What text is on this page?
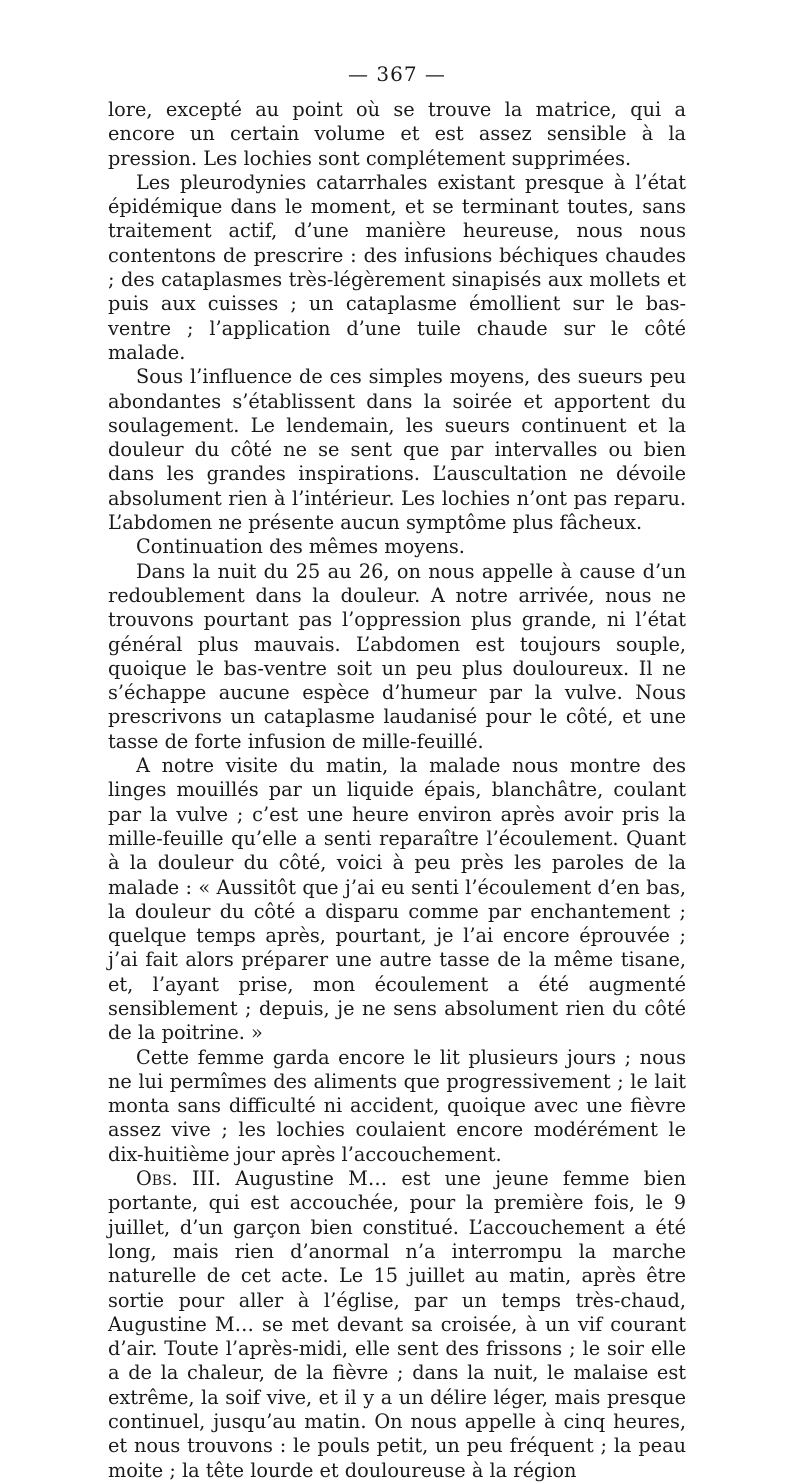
— 367 —

lore, excepté au point où se trouve la matrice, qui a encore un certain volume et est assez sensible à la pression. Les lochies sont complétement supprimées.

Les pleurodynies catarrhales existant presque à l’état épidémique dans le moment, et se terminant toutes, sans traitement actif, d’une manière heureuse, nous nous contentons de prescrire : des infusions béchiques chaudes ; des cataplasmes très-légèrement sinapisés aux mollets et puis aux cuisses ; un cataplasme émollient sur le bas-ventre ; l’application d’une tuile chaude sur le côté malade.

Sous l’influence de ces simples moyens, des sueurs peu abondantes s’établissent dans la soirée et apportent du soulagement. Le lendemain, les sueurs continuent et la douleur du côté ne se sent que par intervalles ou bien dans les grandes inspirations. L’auscultation ne dévoile absolument rien à l’intérieur. Les lochies n’ont pas reparu. L’abdomen ne présente aucun symptôme plus fâcheux.

Continuation des mêmes moyens.

Dans la nuit du 25 au 26, on nous appelle à cause d’un redoublement dans la douleur. A notre arrivée, nous ne trouvons pourtant pas l’oppression plus grande, ni l’état général plus mauvais. L’abdomen est toujours souple, quoique le bas-ventre soit un peu plus douloureux. Il ne s’échappe aucune espèce d’humeur par la vulve. Nous prescrivons un cataplasme laudanisé pour le côté, et une tasse de forte infusion de mille-feuillé.

A notre visite du matin, la malade nous montre des linges mouillés par un liquide épais, blanchâtre, coulant par la vulve ; c’est une heure environ après avoir pris la mille-feuille qu’elle a senti reparaître l’écoulement. Quant à la douleur du côté, voici à peu près les paroles de la malade : « Aussitôt que j’ai eu senti l’écoulement d’en bas, la douleur du côté a disparu comme par enchantement ; quelque temps après, pourtant, je l’ai encore éprouvée ; j’ai fait alors préparer une autre tasse de la même tisane, et, l’ayant prise, mon écoulement a été augmenté sensiblement ; depuis, je ne sens absolument rien du côté de la poitrine. »

Cette femme garda encore le lit plusieurs jours ; nous ne lui permîmes des aliments que progressivement ; le lait monta sans difficulté ni accident, quoique avec une fièvre assez vive ; les lochies coulaient encore modérément le dix-huitième jour après l’accouchement.

Obs. III. Augustine M… est une jeune femme bien portante, qui est accouchée, pour la première fois, le 9 juillet, d’un garçon bien constitué. L’accouchement a été long, mais rien d’anormal n’a interrompu la marche naturelle de cet acte. Le 15 juillet au matin, après être sortie pour aller à l’église, par un temps très-chaud, Augustine M… se met devant sa croisée, à un vif courant d’air. Toute l’après-midi, elle sent des frissons ; le soir elle a de la chaleur, de la fièvre ; dans la nuit, le malaise est extrême, la soif vive, et il y a un délire léger, mais presque continuel, jusqu’au matin. On nous appelle à cinq heures, et nous trouvons : le pouls petit, un peu fréquent ; la peau moite ; la tête lourde et douloureuse à la région
